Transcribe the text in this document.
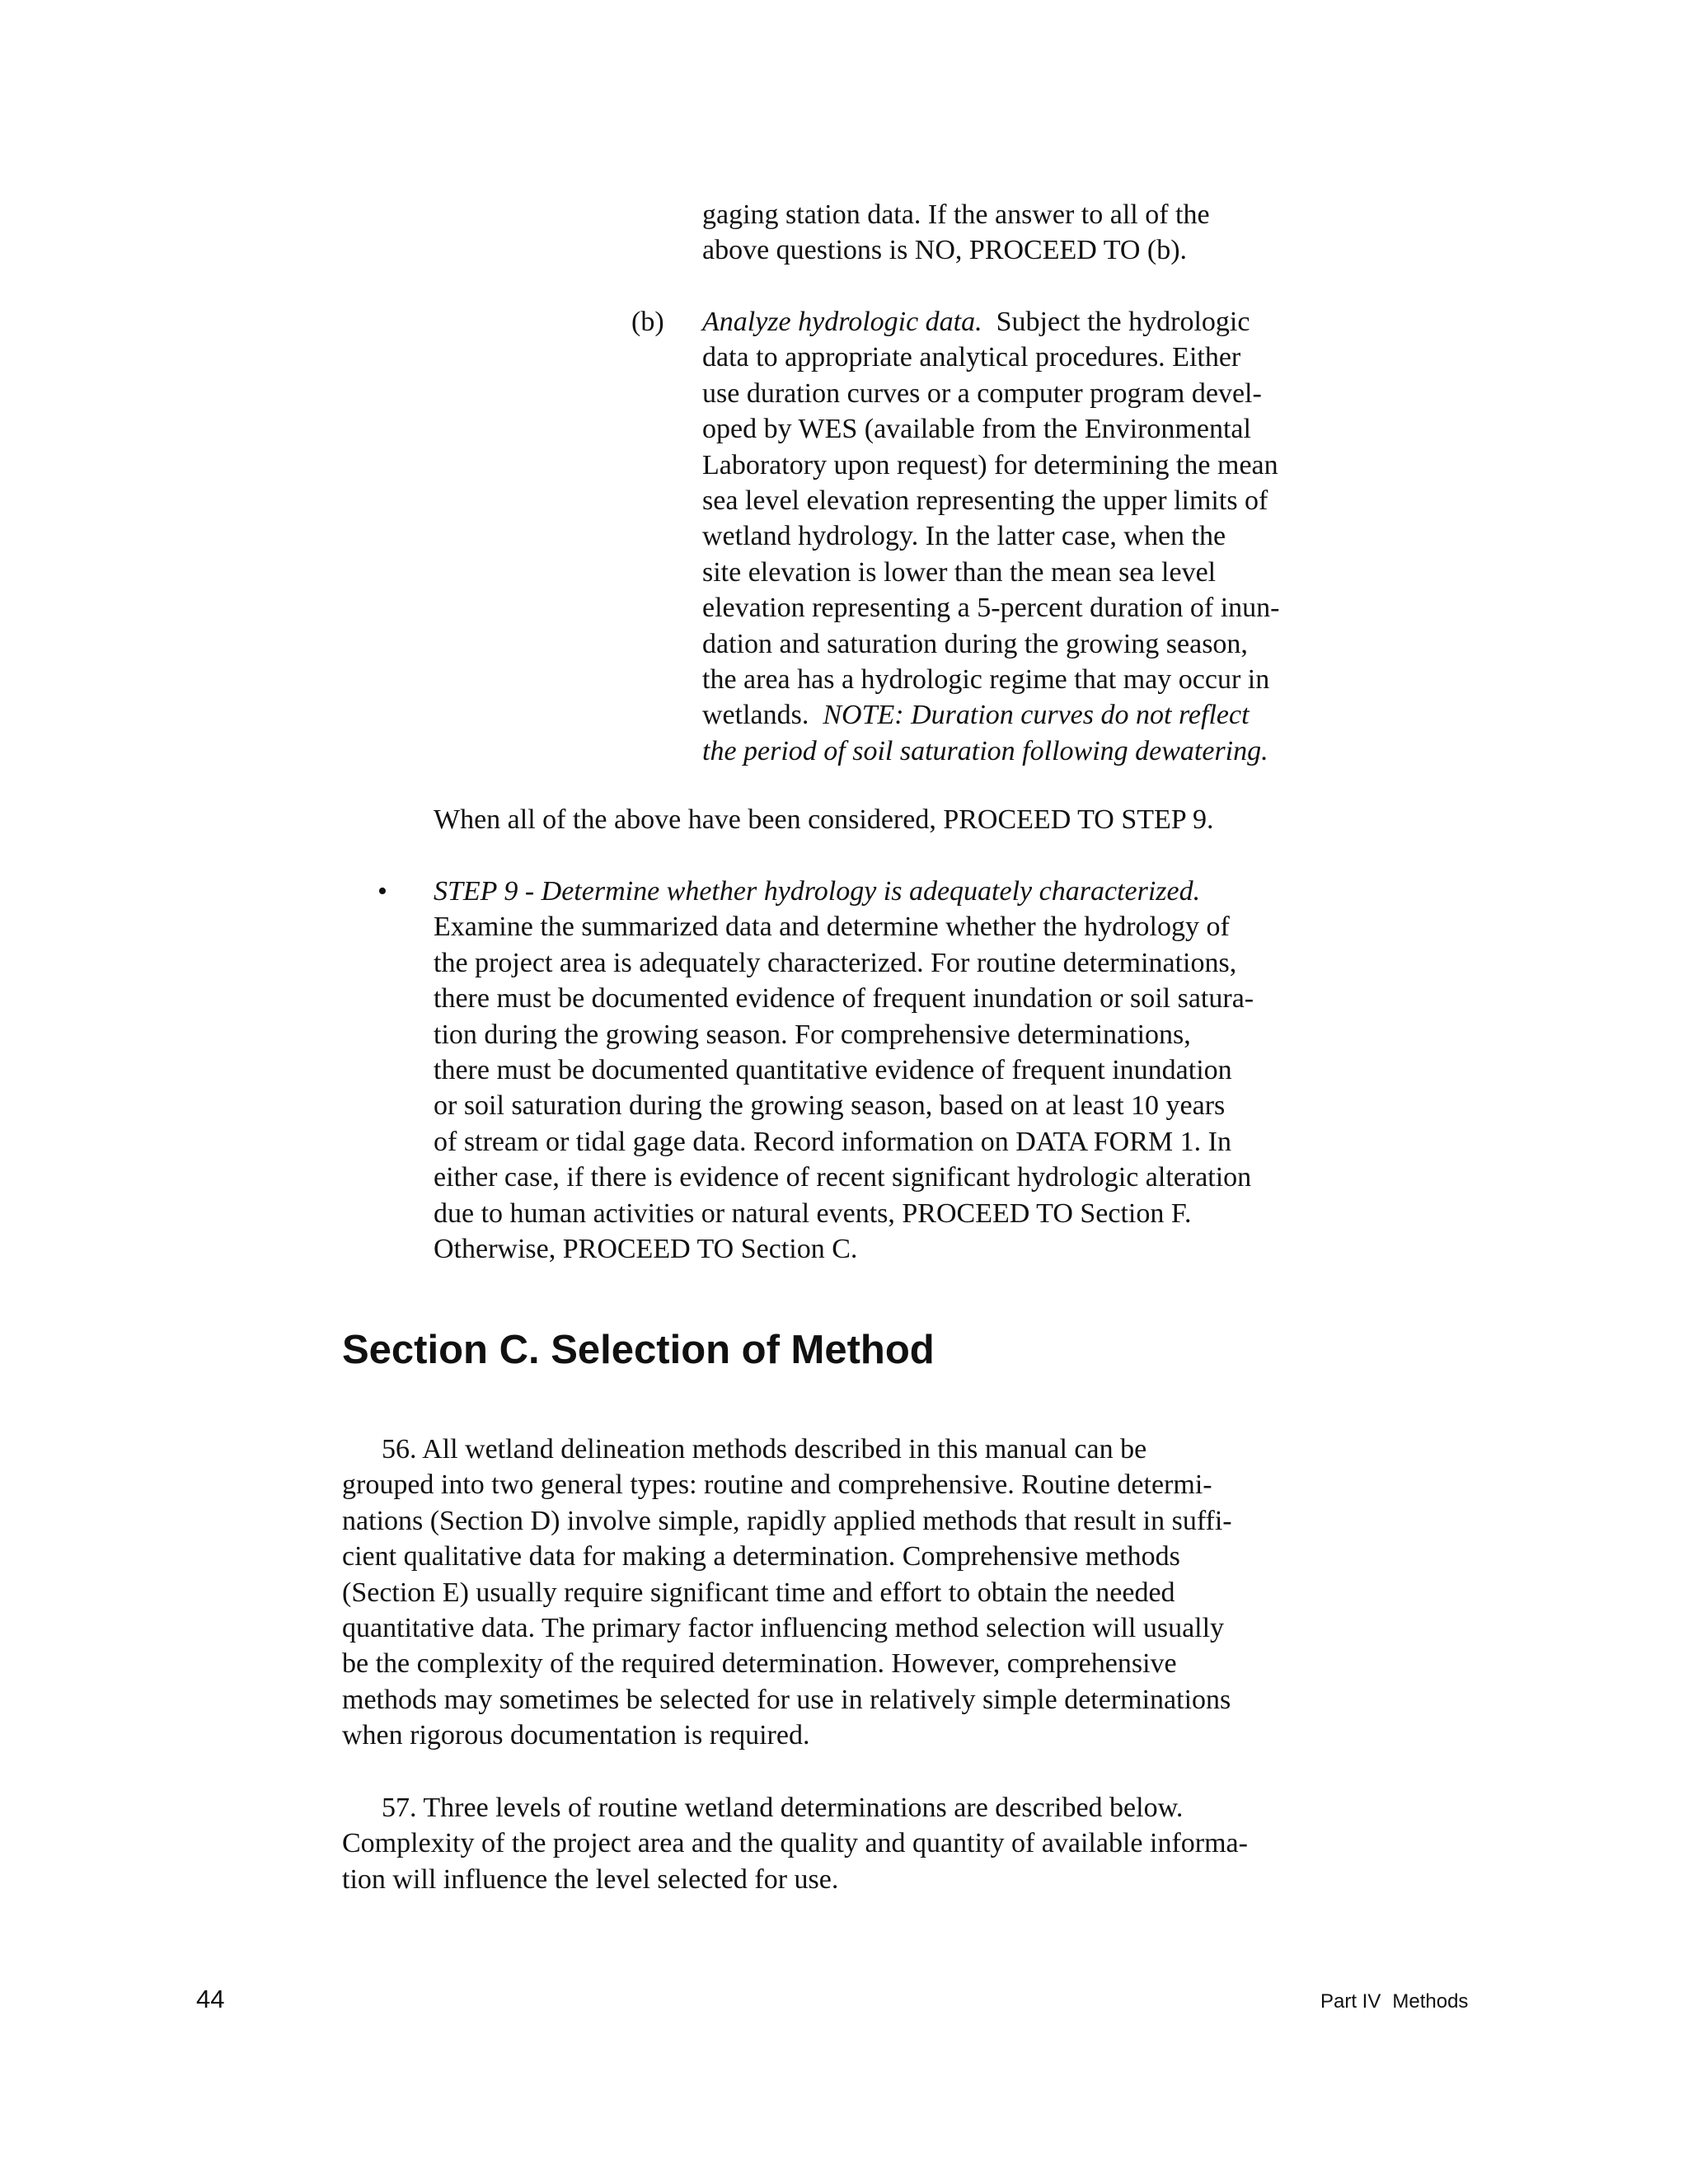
gaging station data. If the answer to all of the
above questions is NO, PROCEED TO (b).
(b) Analyze hydrologic data.  Subject the hydrologic
data to appropriate analytical procedures. Either
use duration curves or a computer program devel-
oped by WES (available from the Environmental
Laboratory upon request) for determining the mean
sea level elevation representing the upper limits of
wetland hydrology. In the latter case, when the
site elevation is lower than the mean sea level
elevation representing a 5-percent duration of inun-
dation and saturation during the growing season,
the area has a hydrologic regime that may occur in
wetlands.  NOTE: Duration curves do not reflect
the period of soil saturation following dewatering.
When all of the above have been considered, PROCEED TO STEP 9.
• STEP 9 - Determine whether hydrology is adequately characterized.
Examine the summarized data and determine whether the hydrology of
the project area is adequately characterized. For routine determinations,
there must be documented evidence of frequent inundation or soil satura-
tion during the growing season. For comprehensive determinations,
there must be documented quantitative evidence of frequent inundation
or soil saturation during the growing season, based on at least 10 years
of stream or tidal gage data. Record information on DATA FORM 1. In
either case, if there is evidence of recent significant hydrologic alteration
due to human activities or natural events, PROCEED TO Section F.
Otherwise, PROCEED TO Section C.
Section C. Selection of Method
56. All wetland delineation methods described in this manual can be
grouped into two general types: routine and comprehensive. Routine determi-
nations (Section D) involve simple, rapidly applied methods that result in suffi-
cient qualitative data for making a determination. Comprehensive methods
(Section E) usually require significant time and effort to obtain the needed
quantitative data. The primary factor influencing method selection will usually
be the complexity of the required determination. However, comprehensive
methods may sometimes be selected for use in relatively simple determinations
when rigorous documentation is required.
57. Three levels of routine wetland determinations are described below.
Complexity of the project area and the quality and quantity of available informa-
tion will influence the level selected for use.
44	Part IV Methods
